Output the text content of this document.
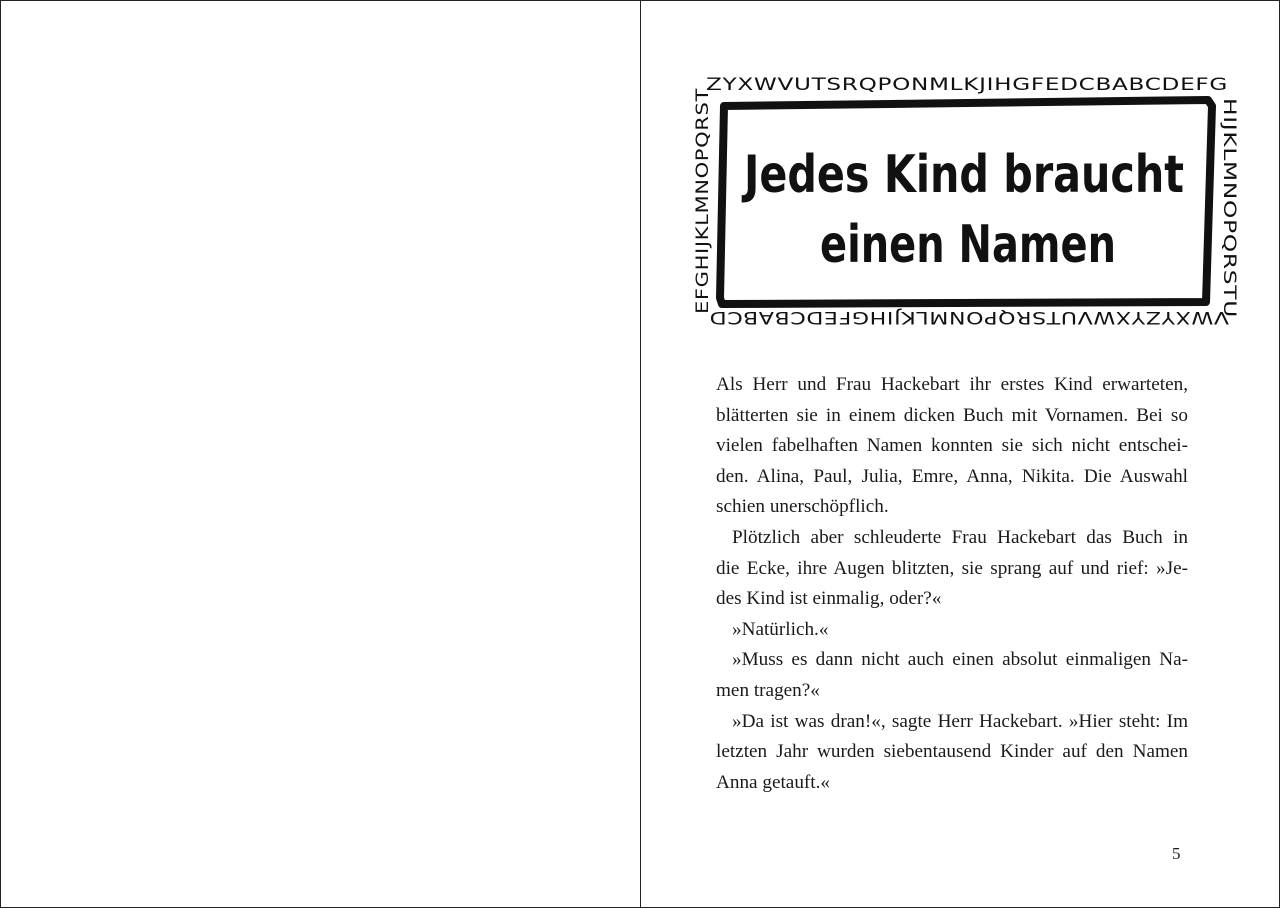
ZYXWVUTSRQPONMLKJIHGFEDCBABCDEFG
HIJKLMNOPQRSTU
VWXYZYXWVUTSRQPONMLKJIHGFEDCBABCD
EFGHIJKLMNOPQRST Jedes Kind braucht
einen Namen

Als Herr und Frau Hackebart ihr erstes Kind erwarteten,
blätterten sie in einem dicken Buch mit Vornamen. Bei so
vielen fabelhaften Namen konnten sie sich nicht entschei-
den. Alina, Paul, Julia, Emre, Anna, Nikita. Die Auswahl
schien unerschöpflich.

Plötzlich aber schleuderte Frau Hackebart das Buch in
die Ecke, ihre Augen blitzten, sie sprang auf und rief: »Je-
des Kind ist einmalig, oder?«

»Natürlich.«

»Muss es dann nicht auch einen absolut einmaligen Na-
men tragen?«

»Da ist was dran!«, sagte Herr Hackebart. »Hier steht: Im
letzten Jahr wurden siebentausend Kinder auf den Namen
Anna getauft.«

5
